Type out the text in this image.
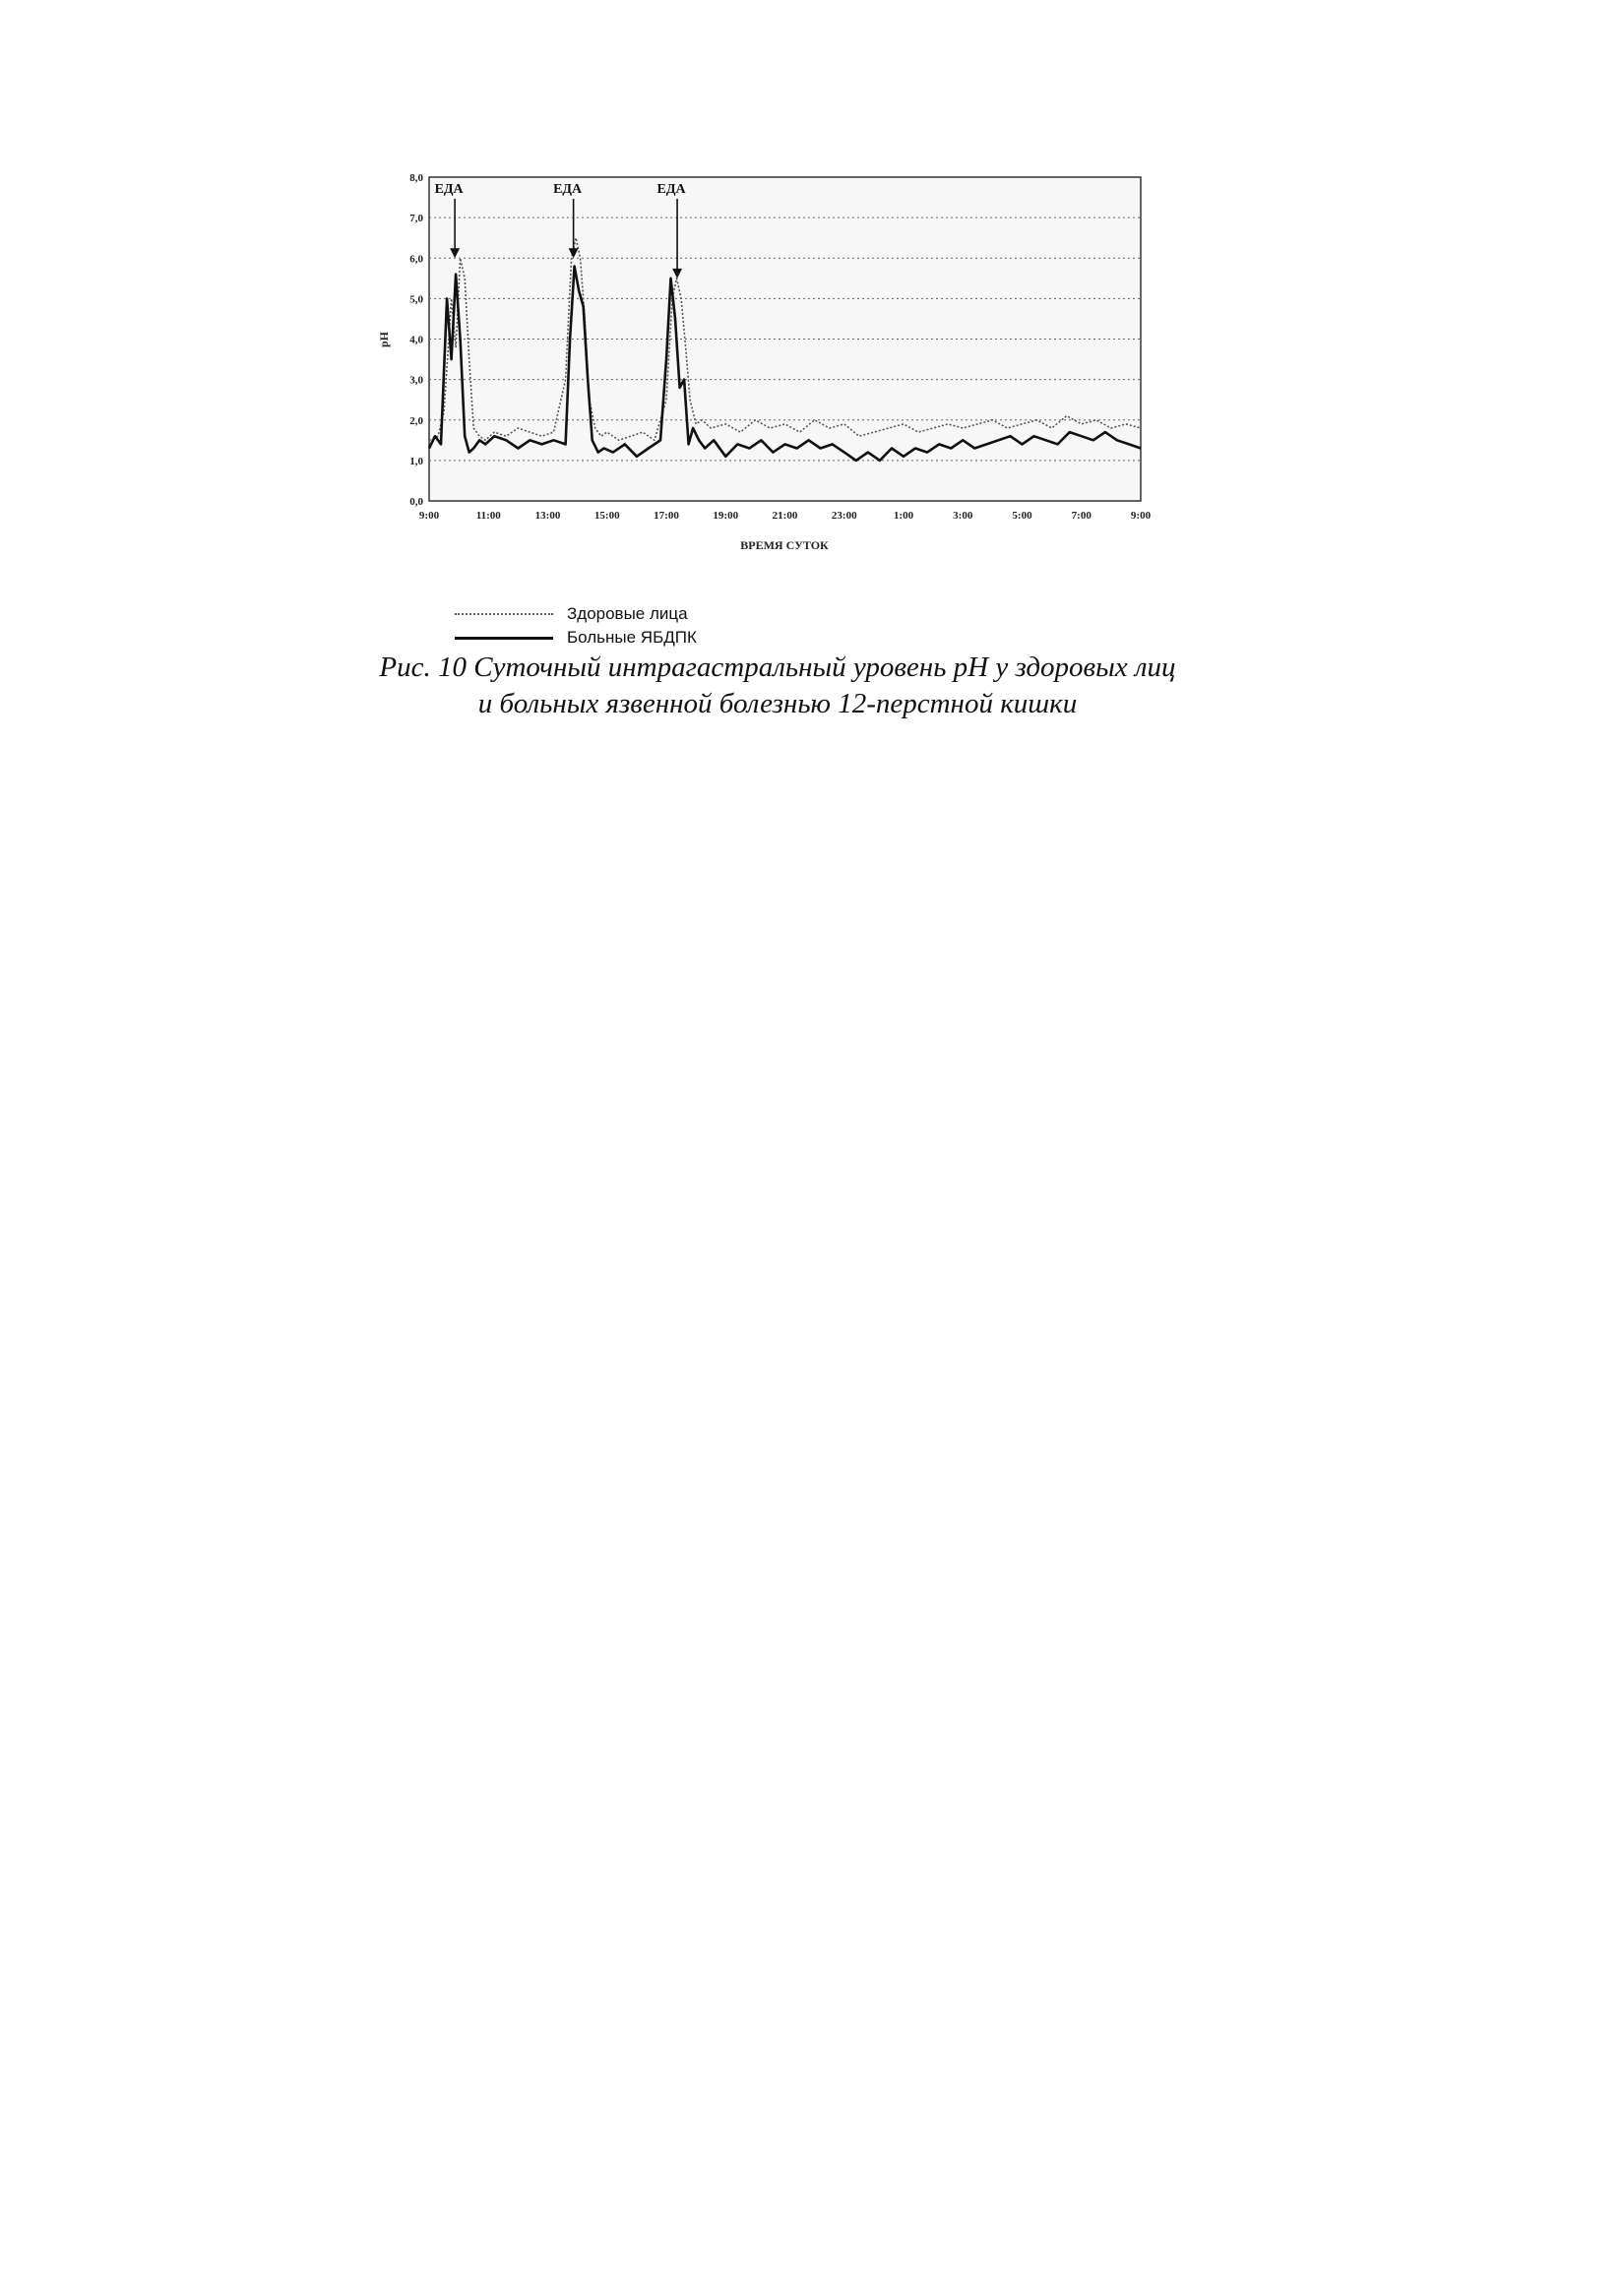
0,0
1,0
2,0
3,0
4,0
5,0
6,0
7,0
8,0
9:00	11:00	13:00	15:00	17:00	19:00	21:00	23:00	1:00	3:00	5:00	7:00	9:00
ЕДА	ЕДА	ЕДА
pH
ВРЕМЯ СУТОК
Здоровые лица
Больные ЯБДПК
Рис. 10 Суточный интрагастральный уровень pH у здоровых лиц
и больных язвенной болезнью 12-перстной кишки
